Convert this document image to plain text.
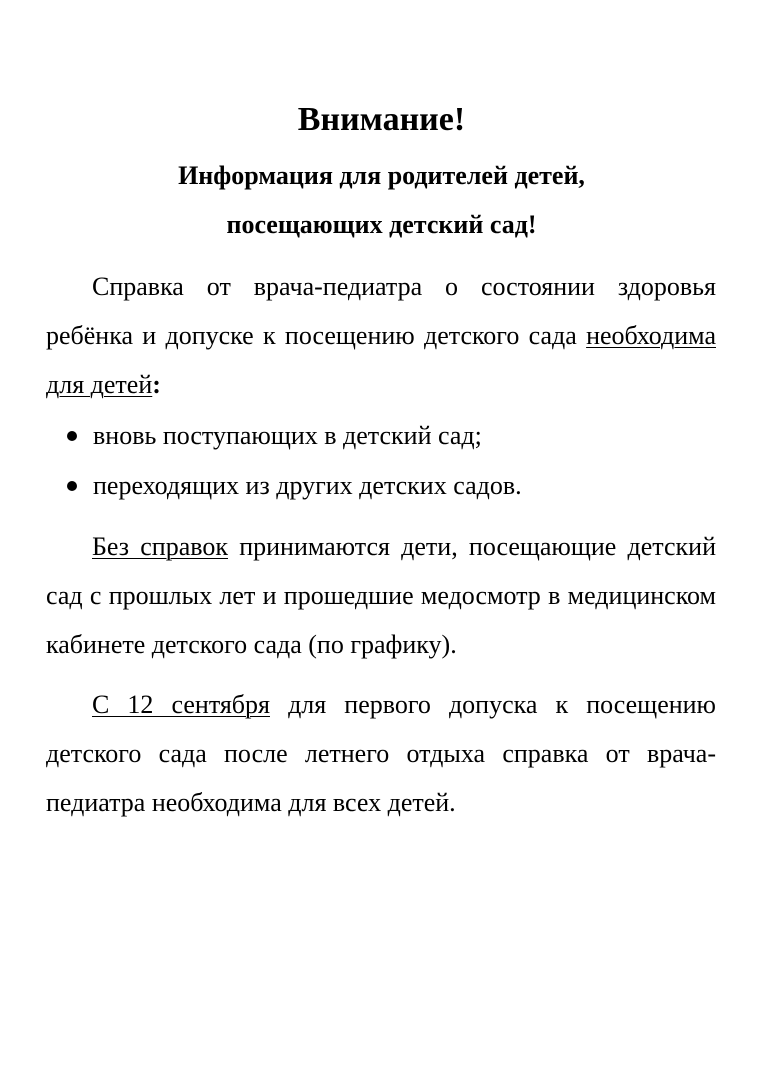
Внимание!

Информация для родителей детей,

посещающих детский сад!

Справка от врача-педиатра о состоянии здоровья ребёнка и допуске к посещению детского сада необходима для детей:

вновь поступающих в детский сад;
переходящих из других детских садов.

Без справок принимаются дети, посещающие детский сад с прошлых лет и прошедшие медосмотр в медицинском кабинете детского сада (по графику).

С 12 сентября для первого допуска к посещению детского сада после летнего отдыха справка от врача-педиатра необходима для всех детей.
